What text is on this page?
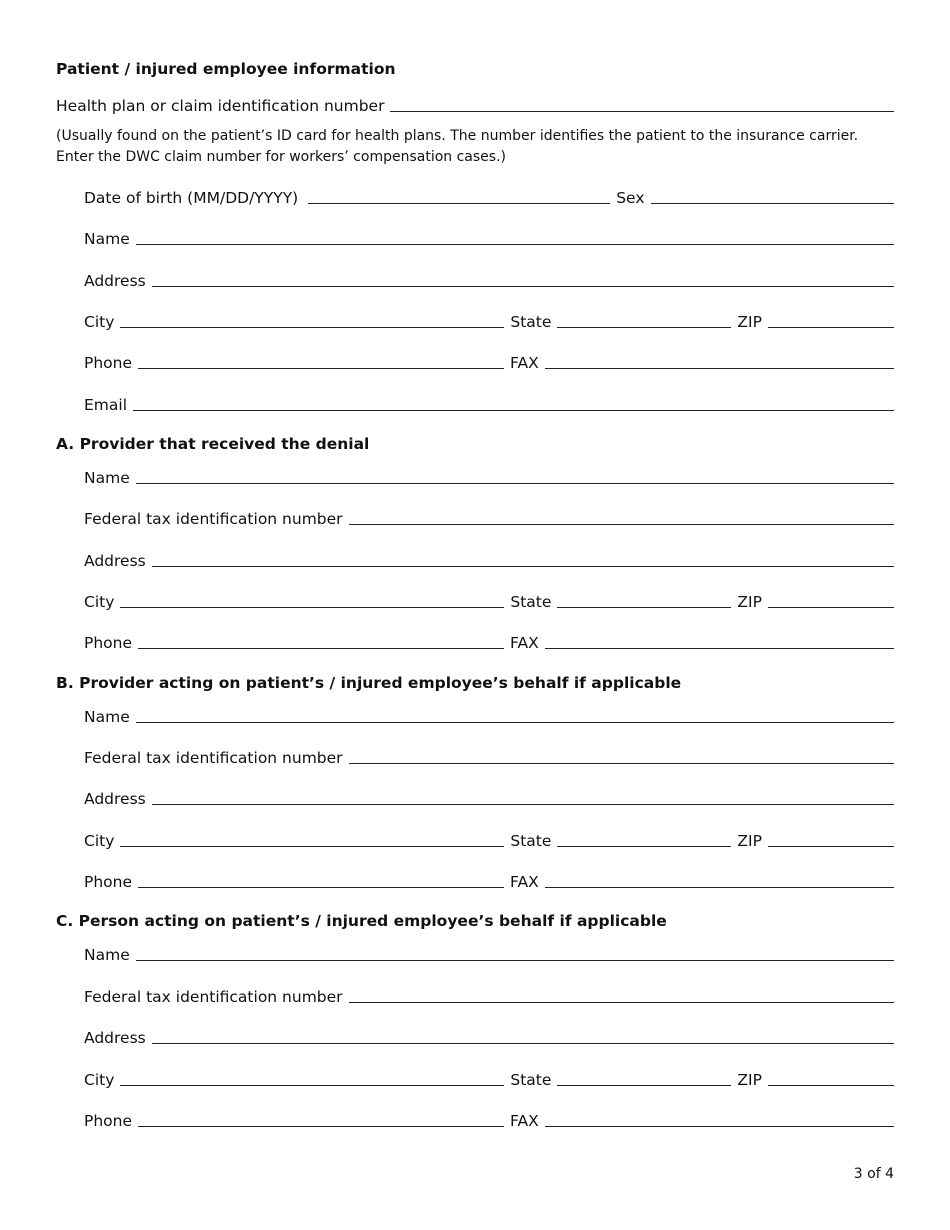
Patient / injured employee information
Health plan or claim identification number
(Usually found on the patient’s ID card for health plans. The number identifies the patient to the insurance carrier. Enter the DWC claim number for workers’ compensation cases.)
Date of birth (MM/DD/YYYY)	Sex
Name
Address
City	State	ZIP
Phone	FAX
Email
A. Provider that received the denial
Name
Federal tax identification number
Address
City	State	ZIP
Phone	FAX
B. Provider acting on patient’s / injured employee’s behalf if applicable
Name
Federal tax identification number
Address
City	State	ZIP
Phone	FAX
C. Person acting on patient’s / injured employee’s behalf if applicable
Name
Federal tax identification number
Address
City	State	ZIP
Phone	FAX
3 of 4
